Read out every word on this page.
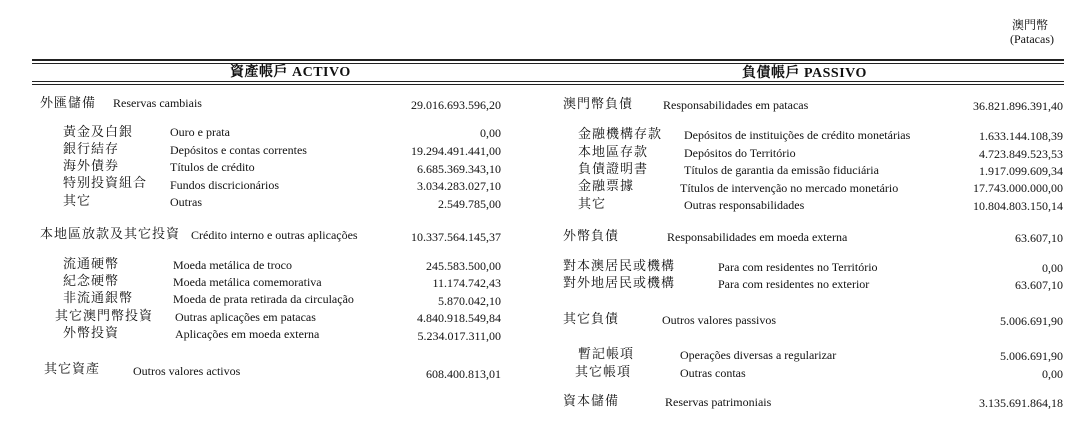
澳門幣
(Patacas)
資產帳戶 ACTIVO	負債帳戶 PASSIVO
外匯儲備 Reservas cambiais	29.016.693.596,20
黃金及白銀	Ouro e prata	0,00
銀行結存	Depósitos e contas correntes	19.294.491.441,00
海外債券	Títulos de crédito	6.685.369.343,10
特别投資組合 Fundos discricionários	3.034.283.027,10
其它	Outras	2.549.785,00
本地區放款及其它投資 Crédito interno e outras aplicações	10.337.564.145,37
流通硬幣	Moeda metálica de troco	245.583.500,00
紀念硬幣	Moeda metálica comemorativa	11.174.742,43
非流通銀幣	Moeda de prata retirada da circulação	5.870.042,10
其它澳門幣投資 Outras aplicações em patacas	4.840.918.549,84
外幣投資	Aplicações em moeda externa	5.234.017.311,00
其它資產	Outros valores activos	608.400.813,01
澳門幣負債 Responsabilidades em patacas	36.821.896.391,40
金融機構存款 Depósitos de instituições de crédito monetárias	1.633.144.108,39
本地區存款	Depósitos do Território	4.723.849.523,53
負債證明書	Títulos de garantia da emissão fiduciária	1.917.099.609,34
金融票據	Títulos de intervenção no mercado monetário	17.743.000.000,00
其它	Outras responsabilidades	10.804.803.150,14
外幣負債	Responsabilidades em moeda externa	63.607,10
對本澳居民或機構	Para com residentes no Território	0,00
對外地居民或機構	Para com residentes no exterior	63.607,10
其它負債	Outros valores passivos	5.006.691,90
暫記帳項	Operações diversas a regularizar	5.006.691,90
其它帳項	Outras contas	0,00
資本儲備	Reservas patrimoniais	3.135.691.864,18
